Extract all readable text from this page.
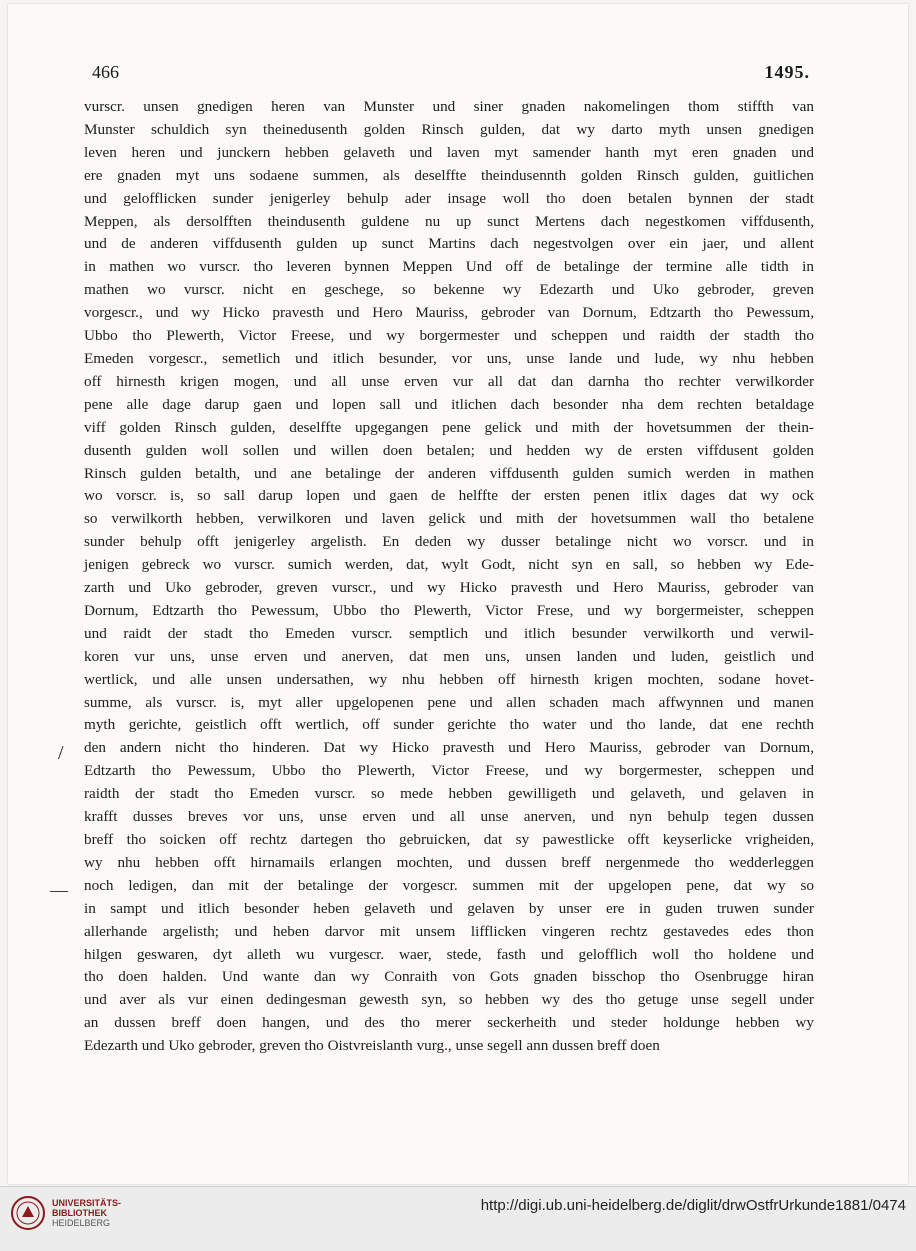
466	1495.
vurscr. unsen gnedigen heren van Munster und siner gnaden nakomelingen thom stiffth van
Munster schuldich syn theinedusenth golden Rinsch gulden, dat wy darto myth unsen gnedigen
leven heren und junckern hebben gelaveth und laven myt samender hanth myt eren gnaden und
ere gnaden myt uns sodaene summen, als deselffte theindusennth golden Rinsch gulden, guitlichen
und gelofflicken sunder jenigerley behulp ader insage woll tho doen betalen bynnen der stadt
Meppen, als dersolfften theindusenth guldene nu up sunct Mertens dach negestkomen viffdusenth,
und de anderen viffdusenth gulden up sunct Martins dach negestvolgen over ein jaer, und allent
in mathen wo vurscr. tho leveren bynnen Meppen Und off de betalinge der termine alle tidth in
mathen wo vurscr. nicht en geschege, so bekenne wy Edezarth und Uko gebroder, greven
vorgescr., und wy Hicko pravesth und Hero Mauriss, gebroder van Dornum, Edtzarth tho Pewessum,
Ubbo tho Plewerth, Victor Freese, und wy borgermester und scheppen und raidth der stadth tho
Emeden vorgescr., semetlich und itlich besunder, vor uns, unse lande und lude, wy nhu hebben
off hirnesth krigen mogen, und all unse erven vur all dat dan darnha tho rechter verwilkorder
pene alle dage darup gaen und lopen sall und itlichen dach besonder nha dem rechten betaldage
viff golden Rinsch gulden, deselffte upgegangen pene gelick und mith der hovetsummen der thein-
dusenth gulden woll sollen und willen doen betalen; und hedden wy de ersten viffdusent golden
Rinsch gulden betalth, und ane betalinge der anderen viffdusenth gulden sumich werden in mathen
wo vorscr. is, so sall darup lopen und gaen de helffte der ersten penen itlix dages dat wy ock
so verwilkorth hebben, verwilkoren und laven gelick und mith der hovetsummen wall tho betalene
sunder behulp offt jenigerley argelisth. En deden wy dusser betalinge nicht wo vorscr. und in
jenigen gebreck wo vurscr. sumich werden, dat, wylt Godt, nicht syn en sall, so hebben wy Ede-
zarth und Uko gebroder, greven vurscr., und wy Hicko pravesth und Hero Mauriss, gebroder van
Dornum, Edtzarth tho Pewessum, Ubbo tho Plewerth, Victor Frese, und wy borgermeister, scheppen
und raidt der stadt tho Emeden vurscr. semptlich und itlich besunder verwilkorth und verwil-
koren vur uns, unse erven und anerven, dat men uns, unsen landen und luden, geistlich und
wertlick, und alle unsen undersathen, wy nhu hebben off hirnesth krigen mochten, sodane hovet-
summe, als vurscr. is, myt aller upgelopenen pene und allen schaden mach affwynnen und manen
myth gerichte, geistlich offt wertlich, off sunder gerichte tho water und tho lande, dat ene rechth
den andern nicht tho hinderen. Dat wy Hicko pravesth und Hero Mauriss, gebroder van Dornum,
Edtzarth tho Pewessum, Ubbo tho Plewerth, Victor Freese, und wy borgermester, scheppen und
raidth der stadt tho Emeden vurscr. so mede hebben gewilligeth und gelaveth, und gelaven in
krafft dusses breves vor uns, unse erven und all unse anerven, und nyn behulp tegen dussen
breff tho soicken off rechtz dartegen tho gebruicken, dat sy pawestlicke offt keyserlicke vrigheiden,
wy nhu hebben offt hirnamails erlangen mochten, und dussen breff nergenmede tho wedderleggen
noch ledigen, dan mit der betalinge der vorgescr. summen mit der upgelopen pene, dat wy so
in sampt und itlich besonder heben gelaveth und gelaven by unser ere in guden truwen sunder
allerhande argelisth; und heben darvor mit unsem lifflicken vingeren rechtz gestavedes edes thon
hilgen geswaren, dyt alleth wu vurgescr. waer, stede, fasth und gelofflich woll tho holdene und
tho doen halden. Und wante dan wy Conraith von Gots gnaden bisschop tho Osenbrugge hiran
und aver als vur einen dedingesman gewesth syn, so hebben wy des tho getuge unse segell under
an dussen breff doen hangen, und des tho merer seckerheith und steder holdunge hebben wy
Edezarth und Uko gebroder, greven tho Oistvreislanth vurg., unse segell ann dussen breff doen
/
—
UNIVERSITÄTS-
BIBLIOTHEK
HEIDELBERG
http://digi.ub.uni-heidelberg.de/diglit/drwOstfrUrkunde1881/0474
